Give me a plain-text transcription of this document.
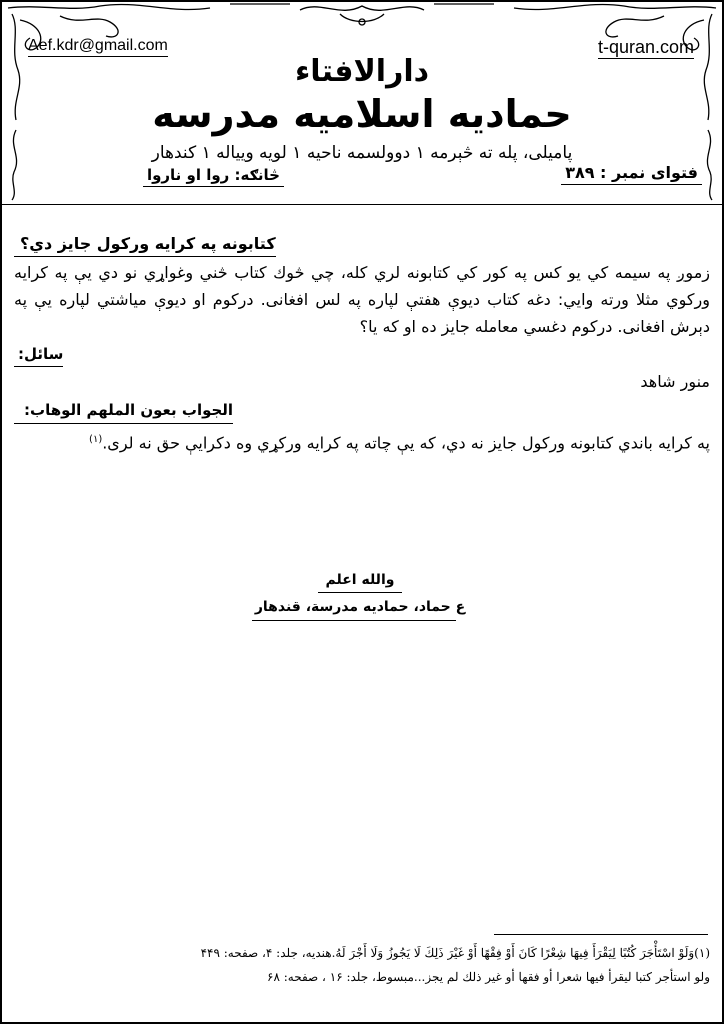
Aef.kdr@gmail.com	t-quran.com
دارالافتاء
حمادیه اسلامیه مدرسه
پاميلی، پله ته څېرمه ۱ دوولسمه ناحيه ۱ لويه ويياله ۱ كندهار
فتوای نمبر : ۳۸۹
څانګه: روا او ناروا
كتابونه په كرايه وركول جايز دي؟

زموږ په سيمه كي يو كس په كور كي كتابونه لري كله، چي څوك كتاب څني وغواړي نو دي يې په كرايه وركوي مثلا ورته وايي: دغه كتاب ديوې هفتې لپاره په لس افغانى. دركوم او ديوې مياشتي لپاره يې په دېرش افغانى. دركوم دغسي معامله جايز ده او كه يا؟

سائل:

منور شاهد

الجواب بعون الملهم الوهاب:

په كرايه باندي كتابونه وركول جايز نه دي، كه يې چاته په كرايه وركړي وه دكرايې حق نه لرى.$^{(۱)}$

والله اعلم
ع حماد، حمادیه مدرسة، قندهار
(۱)وَلَوْ اسْتَأْجَرَ كُتُبًا لِيَقْرَأَ فِيهَا شِعْرًا كَانَ أَوْ فِقْهًا أَوْ غَيْرَ ذَلِكَ لَا يَجُوزُ وَلَا أَجْرَ لَهُ.هندیه، جلد: ۴، صفحه: ۴۴۹
ولو استأجر كتبا ليقرأ فيها شعرا أو فقها أو غير ذلك لم يجز...مبسوط، جلد: ۱۶ ، صفحه: ۶۸
